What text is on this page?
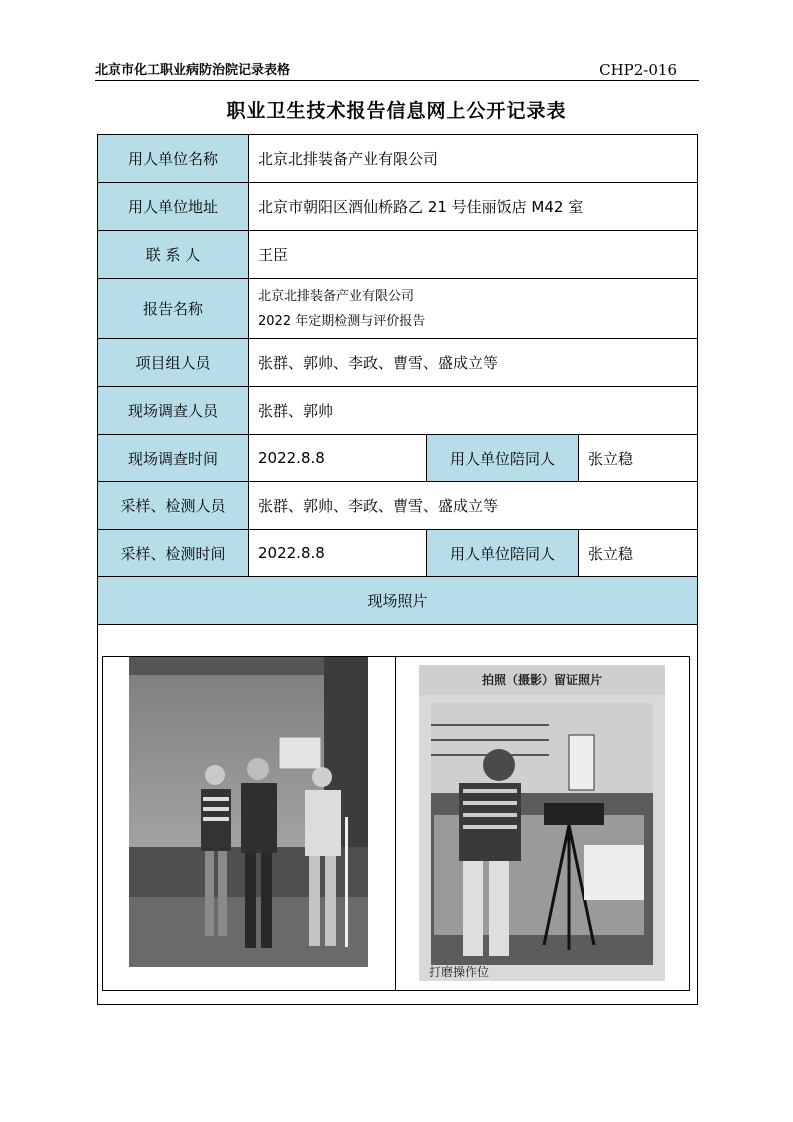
北京市化工职业病防治院记录表格	CHP2-016
职业卫生技术报告信息网上公开记录表
用人单位名称	北京北排装备产业有限公司
用人单位地址	北京市朝阳区酒仙桥路乙 21 号佳丽饭店 M42 室
联 系 人	王臣
报告名称
北京北排装备产业有限公司
2022 年定期检测与评价报告
项目组人员	张群、郭帅、李政、曹雪、盛成立等
现场调查人员	张群、郭帅
现场调查时间	2022.8.8	用人单位陪同人	张立稳
采样、检测人员	张群、郭帅、李政、曹雪、盛成立等
采样、检测时间	2022.8.8	用人单位陪同人	张立稳
现场照片
拍照（摄影）留证照片
打磨操作位
